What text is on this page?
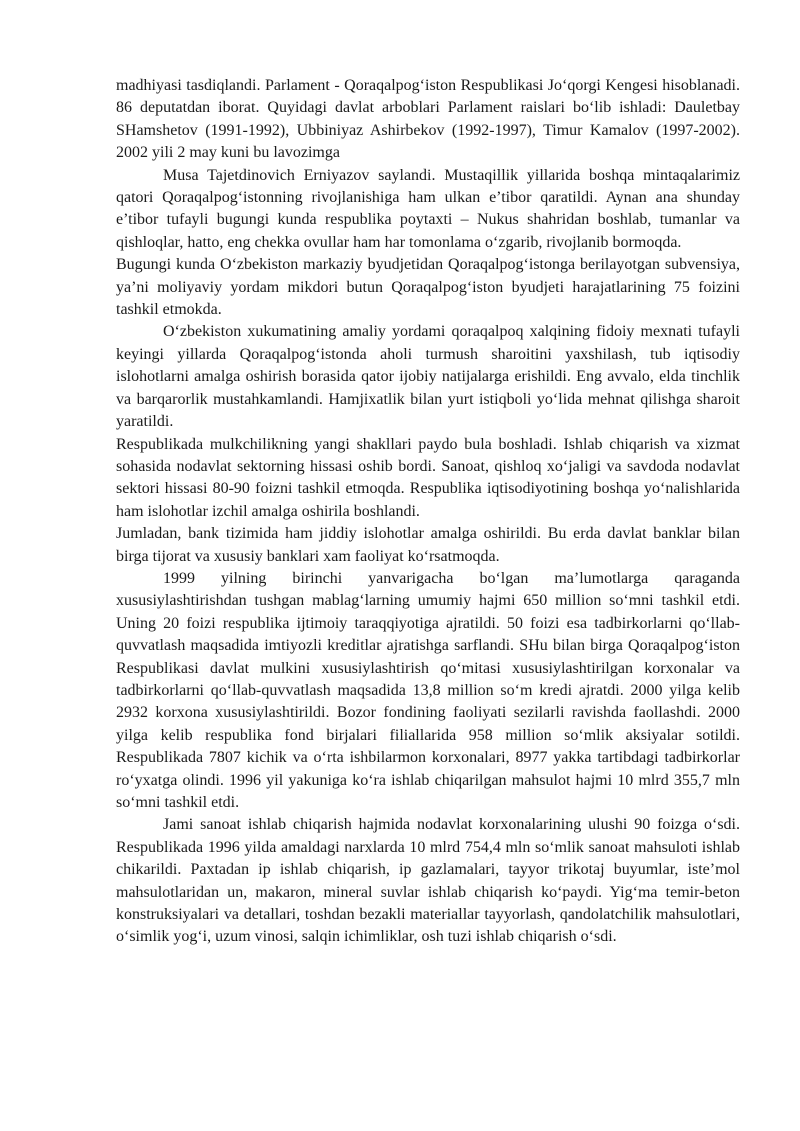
madhiyasi tasdiqlandi. Parlament - Qoraqalpog‘iston Respublikasi Jo‘qorgi Kengesi hisoblanadi. 86 deputatdan iborat. Quyidagi davlat arboblari Parlament raislari bo‘lib ishladi: Dauletbay SHamshetov (1991-1992), Ubbiniyaz Ashirbekov (1992-1997), Timur Kamalov (1997-2002). 2002 yili 2 may kuni bu lavozimga

Musa Tajetdinovich Erniyazov saylandi. Mustaqillik yillarida boshqa mintaqalarimiz qatori Qoraqalpog‘istonning rivojlanishiga ham ulkan e’tibor qaratildi. Aynan ana shunday e’tibor tufayli bugungi kunda respublika poytaxti – Nukus shahridan boshlab, tumanlar va qishloqlar, hatto, eng chekka ovullar ham har tomonlama o‘zgarib, rivojlanib bormoqda.

Bugungi kunda O‘zbekiston markaziy byudjetidan Qoraqalpog‘istonga berilayotgan subvensiya, ya’ni moliyaviy yordam mikdori butun Qoraqalpog‘iston byudjeti harajatlarining 75 foizini tashkil etmokda.

O‘zbekiston xukumatining amaliy yordami qoraqalpoq xalqining fidoiy mexnati tufayli keyingi yillarda Qoraqalpog‘istonda aholi turmush sharoitini yaxshilash, tub iqtisodiy islohotlarni amalga oshirish borasida qator ijobiy natijalarga erishildi. Eng avvalo, elda tinchlik va barqarorlik mustahkamlandi. Hamjixatlik bilan yurt istiqboli yo‘lida mehnat qilishga sharoit yaratildi.

Respublikada mulkchilikning yangi shakllari paydo bula boshladi. Ishlab chiqarish va xizmat sohasida nodavlat sektorning hissasi oshib bordi. Sanoat, qishloq xo‘jaligi va savdoda nodavlat sektori hissasi 80-90 foizni tashkil etmoqda. Respublika iqtisodiyotining boshqa yo‘nalishlarida ham islohotlar izchil amalga oshirila boshlandi.

Jumladan, bank tizimida ham jiddiy islohotlar amalga oshirildi. Bu erda davlat banklar bilan birga tijorat va xususiy banklari xam faoliyat ko‘rsatmoqda.

1999 yilning birinchi yanvarigacha bo‘lgan ma’lumotlarga qaraganda xususiylashtirishdan tushgan mablag‘larning umumiy hajmi 650 million so‘mni tashkil etdi. Uning 20 foizi respublika ijtimoiy taraqqiyotiga ajratildi. 50 foizi esa tadbirkorlarni qo‘llab-quvvatlash maqsadida imtiyozli kreditlar ajratishga sarflandi. SHu bilan birga Qoraqalpog‘iston Respublikasi davlat mulkini xususiylashtirish qo‘mitasi xususiylashtirilgan korxonalar va tadbirkorlarni qo‘llab-quvvatlash maqsadida 13,8 million so‘m kredi ajratdi. 2000 yilga kelib 2932 korxona xususiylashtirildi. Bozor fondining faoliyati sezilarli ravishda faollashdi. 2000 yilga kelib respublika fond birjalari filiallarida 958 million so‘mlik aksiyalar sotildi. Respublikada 7807 kichik va o‘rta ishbilarmon korxonalari, 8977 yakka tartibdagi tadbirkorlar ro‘yxatga olindi. 1996 yil yakuniga ko‘ra ishlab chiqarilgan mahsulot hajmi 10 mlrd 355,7 mln so‘mni tashkil etdi.

Jami sanoat ishlab chiqarish hajmida nodavlat korxonalarining ulushi 90 foizga o‘sdi. Respublikada 1996 yilda amaldagi narxlarda 10 mlrd 754,4 mln so‘mlik sanoat mahsuloti ishlab chikarildi. Paxtadan ip ishlab chiqarish, ip gazlamalari, tayyor trikotaj buyumlar, iste’mol mahsulotlaridan un, makaron, mineral suvlar ishlab chiqarish ko‘paydi. Yig‘ma temir-beton konstruksiyalari va detallari, toshdan bezakli materiallar tayyorlash, qandolatchilik mahsulotlari, o‘simlik yog‘i, uzum vinosi, salqin ichimliklar, osh tuzi ishlab chiqarish o‘sdi.
